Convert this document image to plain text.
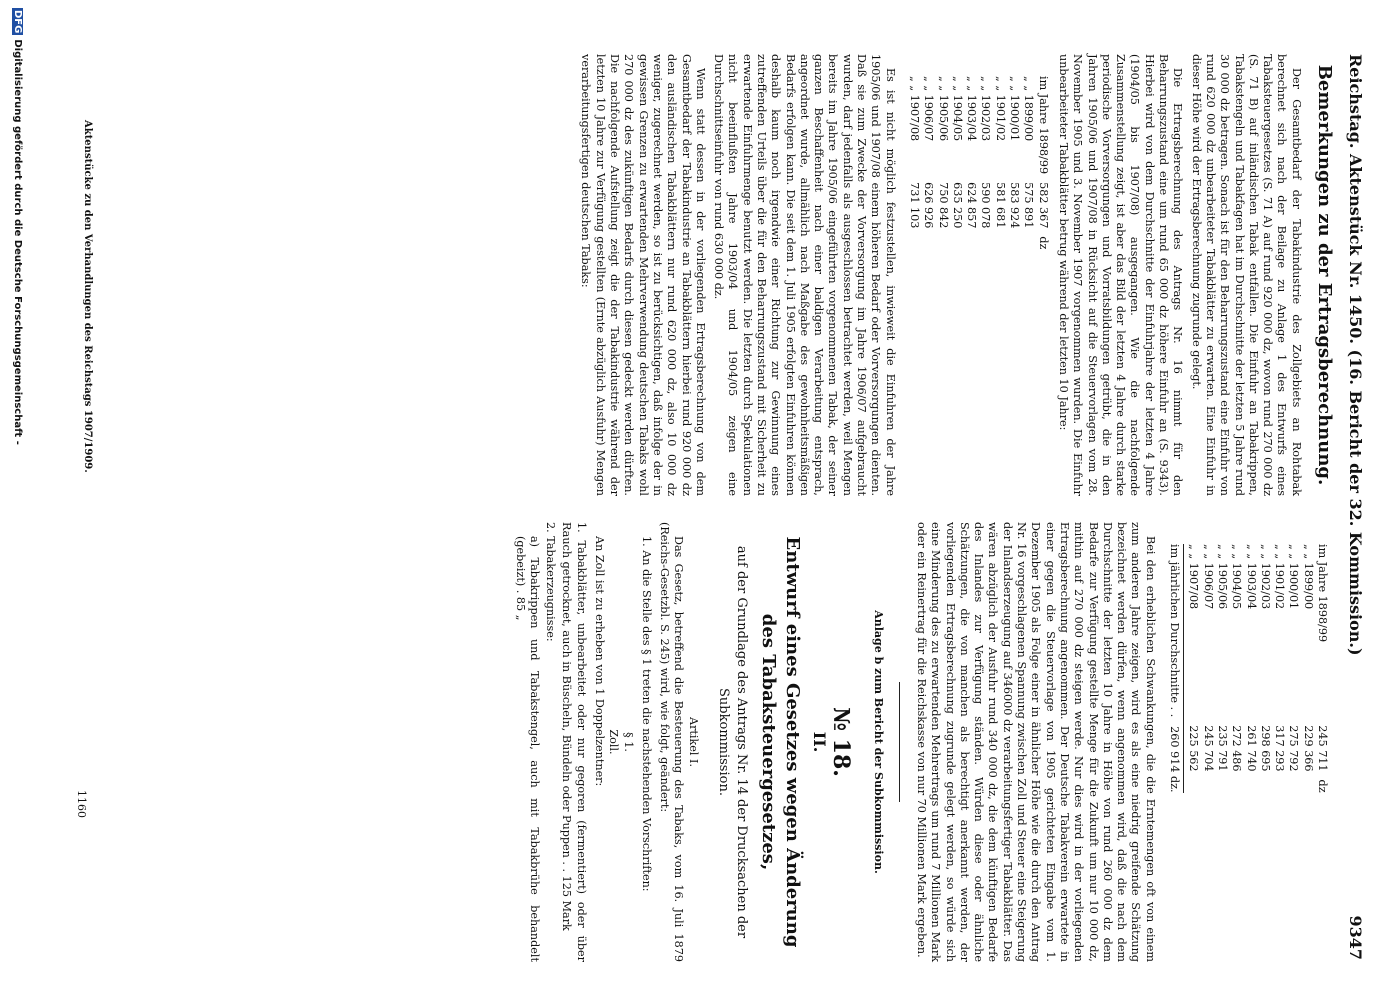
Reichstag. Aktenstück Nr. 1450. (16. Bericht der 32. Kommission.)
9347
Bemerkungen zu der Ertragsberechnung.

Der Gesamtbedarf der Tabakindustrie des Zollgebiets an Rohtabak berechnet sich nach der Beilage zu Anlage 1 des Entwurfs eines Tabaksteuergesetzes (S. 71 A) auf rund 920 000 dz, wovon rund 270 000 dz (S. 71 B) auf inländischen Tabak entfallen. Die Einfuhr an Tabakrippen, Tabakstengeln und Tabakfagen hat im Durchschnitte der letzten 5 Jahre rund 30 000 dz betragen. Sonach ist für den Beharrungszustand eine Einfuhr von rund 620 000 dz unbearbeiteter Tabakblätter zu erwarten. Eine Einfuhr in dieser Höhe wird der Ertragsberechnung zugrunde gelegt.

Die Ertragsberechnung des Antrags Nr. 16 nimmt für den Beharrungszustand eine um rund 65 000 dz höhere Einfuhr an (S. 9343). Hierbei wird von dem Durchschnitte der Einfuhrjahre der letzten 4 Jahre (1904/05 bis 1907/08) ausgegangen. Wie die nachfolgende Zusammenstellung zeigt, ist aber das Bild der letzten 4 Jahre durch starke periodische Vorversorgungen und Vorratsbildungen getrübt, die in den Jahren 1905/06 und 1907/08 in Rücksicht auf die Steuervorlagen vom 28. November 1905 und 3. November 1907 vorgenommen wurden. Die Einfuhr unbearbeiteter Tabakblätter betrug während der letzten 10 Jahre:

im Jahre 1898/99	582 367	dz
„ „ 1899/00	575 891	
„ „ 1900/01	583 924	
„ „ 1901/02	581 681	
„ „ 1902/03	590 078	
„ „ 1903/04	624 857	
„ „ 1904/05	635 250	
„ „ 1905/06	750 842	
„ „ 1906/07	626 926	
„ „ 1907/08	731 103	

Es ist nicht möglich festzustellen, inwieweit die Einfuhren der Jahre 1905/06 und 1907/08 einem höheren Bedarf oder Vorversorgungen dienten. Daß sie zum Zwecke der Vorversorgung im Jahre 1906/07 aufgebraucht wurden, darf jedenfalls als ausgeschlossen betrachtet werden, weil Mengen bereits im Jahre 1905/06 eingeführten vorgenommenen Tabak, der seiner ganzen Beschaffenheit nach einer baldigen Verarbeitung entsprach, angeordnet wurde, allmählich nach Maßgabe des gewohnheitsmäßigen Bedarfs erfolgen kann. Die seit dem 1. Juli 1905 erfolgten Einfuhren können deshalb kaum noch irgendwie einer Richtung zur Gewinnung eines zutreffenden Urteils über die für den Beharrungszustand mit Sicherheit zu erwartende Einfuhrmenge benutzt werden. Die letzten durch Spekulationen nicht beeinflußten Jahre 1903/04 und 1904/05 zeigen eine Durchschnittseinfuhr von rund 630 000 dz.

Wenn statt dessen in der vorliegenden Ertragsberechnung von dem Gesamtbedarf der Tabakindustrie an Tabakblättern hierbei rund 920 000 dz den ausländischen Tabakblättern nur rund 620 000 dz, also 10 000 dz weniger, zugerechnet werden, so ist zu berücksichtigen, daß infolge der in gewissen Grenzen zu erwartenden Mehrverwendung deutschen Tabaks wohl 270 000 dz des zukünftigen Bedarfs durch diesen gedeckt werden dürften. Die nachfolgende Aufstellung zeigt die der Tabakindustrie während der letzten 10 Jahre zur Verfügung gestellten (Ernte abzüglich Ausfuhr) Mengen verarbeitungsfertigen deutschen Tabaks:

im Jahre 1898/99	245 711	dz
„ „ 1899/00	229 366	
„ „ 1900/01	275 792	
„ „ 1901/02	317 293	
„ „ 1902/03	298 695	
„ „ 1903/04	261 740	
„ „ 1904/05	272 486	
„ „ 1905/06	235 791	
„ „ 1906/07	245 704	
„ „ 1907/08	225 562	

im jährlichen Durchschnitte . .	260 914 dz.	

Bei den erheblichen Schwankungen, die die Erntemengen oft von einem zum anderen Jahre zeigen, wird es als eine niedrig greifende Schätzung bezeichnet werden dürfen, wenn angenommen wird, daß die nach dem Durchschnitte der letzten 10 Jahre in Höhe von rund 260 000 dz dem Bedarfe zur Verfügung gestellte Menge für die Zukunft um nur 10 000 dz, mithin auf 270 000 dz steigen werde. Nur dies wird in der vorliegenden Ertragsberechnung angenommen. Der Deutsche Tabakverein erwartete in einer gegen die Steuervorlage von 1905 gerichteten Eingabe vom 1. Dezember 1905 als Folge einer in ähnlicher Höhe wie die durch den Antrag Nr. 16 vorgeschlagenen Spannung zwischen Zoll und Steuer eine Steigerung der Inlandserzeugung auf 346000 dz verarbeitungsfertiger Tabakblätter. Das wären abzüglich der Ausfuhr rund 340 000 dz, die dem künftigen Bedarfe des Inlandes zur Verfügung ständen. Würden diese oder ähnliche Schätzungen, die von manchen als berechtigt anerkannt werden, der vorliegenden Ertragsberechnung zugrunde gelegt werden, so würde sich eine Minderung des zu erwartenden Mehrertrags um rund 7 Millionen Mark oder ein Reinertrag für die Reichskasse von nur 70 Millionen Mark ergeben.

Anlage b zum Bericht der Subkommission.
№ 18.
II.
Entwurf eines Gesetzes wegen Änderung des Tabaksteuergesetzes,
auf der Grundlage des Antrags Nr. 14 der Drucksachen der Subkommission.
Artikel I.

Das Gesetz, betreffend die Besteuerung des Tabaks, vom 16. Juli 1879 (Reichs-Gesetzbl. S. 245) wird, wie folgt, geändert:

1. An die Stelle des § 1 treten die nachstehenden Vorschriften:

§ 1.
Zoll.

An Zoll ist zu erheben von 1 Doppelzentner:

1. Tabakblätter, unbearbeitet oder nur gegoren (fermentiert) oder über Rauch getrocknet, auch in Büscheln, Bündeln oder Puppen . . 125 Mark
2. Tabakerzeugnisse:
a) Tabakrippen und Tabakstengel, auch mit Tabakbrühe behandelt (gebeizt) . 85 „
Aktenstücke zu den Verhandlungen des Reichstags 1907/1909.
1160
DFGDigitalisierung gefördert durch die Deutsche Forschungsgemeinschaft -
